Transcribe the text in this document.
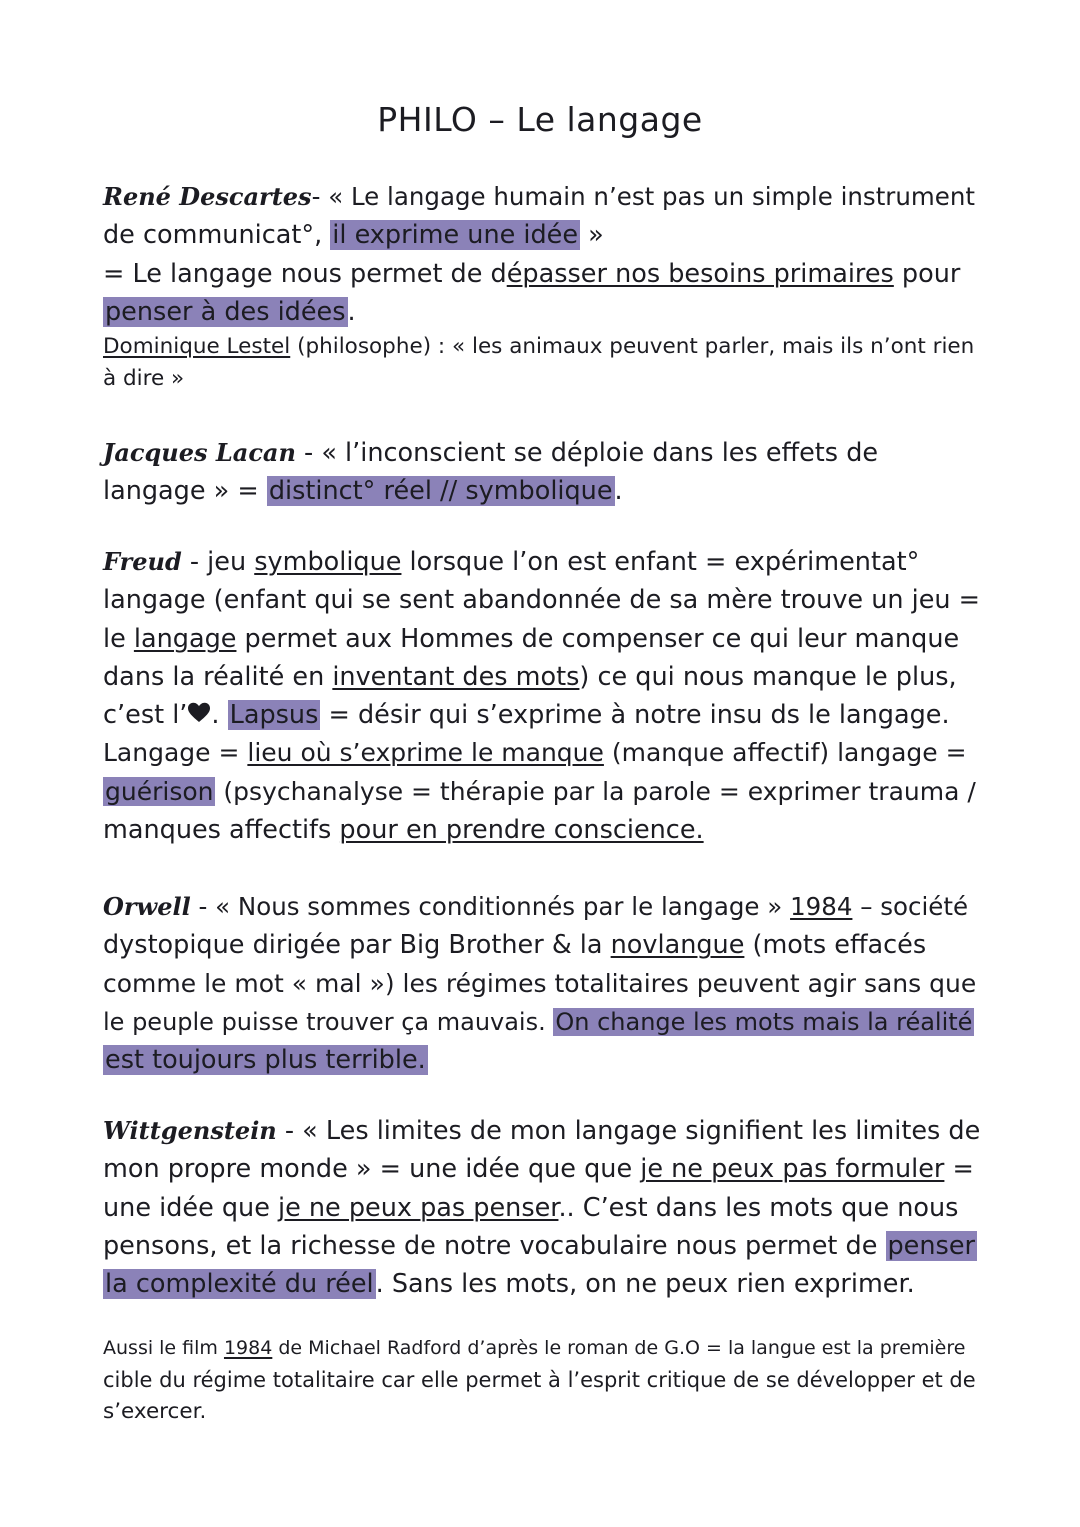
PHILO – Le langage
René Descartes- « Le langage humain n’est pas un simple instrument
de communicat°, il exprime une idée »
= Le langage nous permet de dépasser nos besoins primaires pour
penser à des idées.
Dominique Lestel (philosophe) : « les animaux peuvent parler, mais ils n’ont rien
à dire »
Jacques Lacan - « l’inconscient se déploie dans les effets de
langage » = distinct° réel // symbolique.
Freud - jeu symbolique lorsque l’on est enfant = expérimentat°
langage (enfant qui se sent abandonnée de sa mère trouve un jeu =
le langage permet aux Hommes de compenser ce qui leur manque
dans la réalité en inventant des mots) ce qui nous manque le plus,
c’est l’ . Lapsus = désir qui s’exprime à notre insu ds le langage.
Langage = lieu où s’exprime le manque (manque affectif) langage =
guérison (psychanalyse = thérapie par la parole = exprimer trauma /
manques affectifs pour en prendre conscience.
Orwell - « Nous sommes conditionnés par le langage » 1984 – société
dystopique dirigée par Big Brother & la novlangue (mots effacés
comme le mot « mal ») les régimes totalitaires peuvent agir sans que
le peuple puisse trouver ça mauvais. On change les mots mais la réalité
est toujours plus terrible.
Wittgenstein - « Les limites de mon langage signifient les limites de
mon propre monde » = une idée que que je ne peux pas formuler =
une idée que je ne peux pas penser.. C’est dans les mots que nous
pensons, et la richesse de notre vocabulaire nous permet de penser
la complexité du réel. Sans les mots, on ne peux rien exprimer.
Aussi le film 1984 de Michael Radford d’après le roman de G.O = la langue est la première
cible du régime totalitaire car elle permet à l’esprit critique de se développer et de
s’exercer.
